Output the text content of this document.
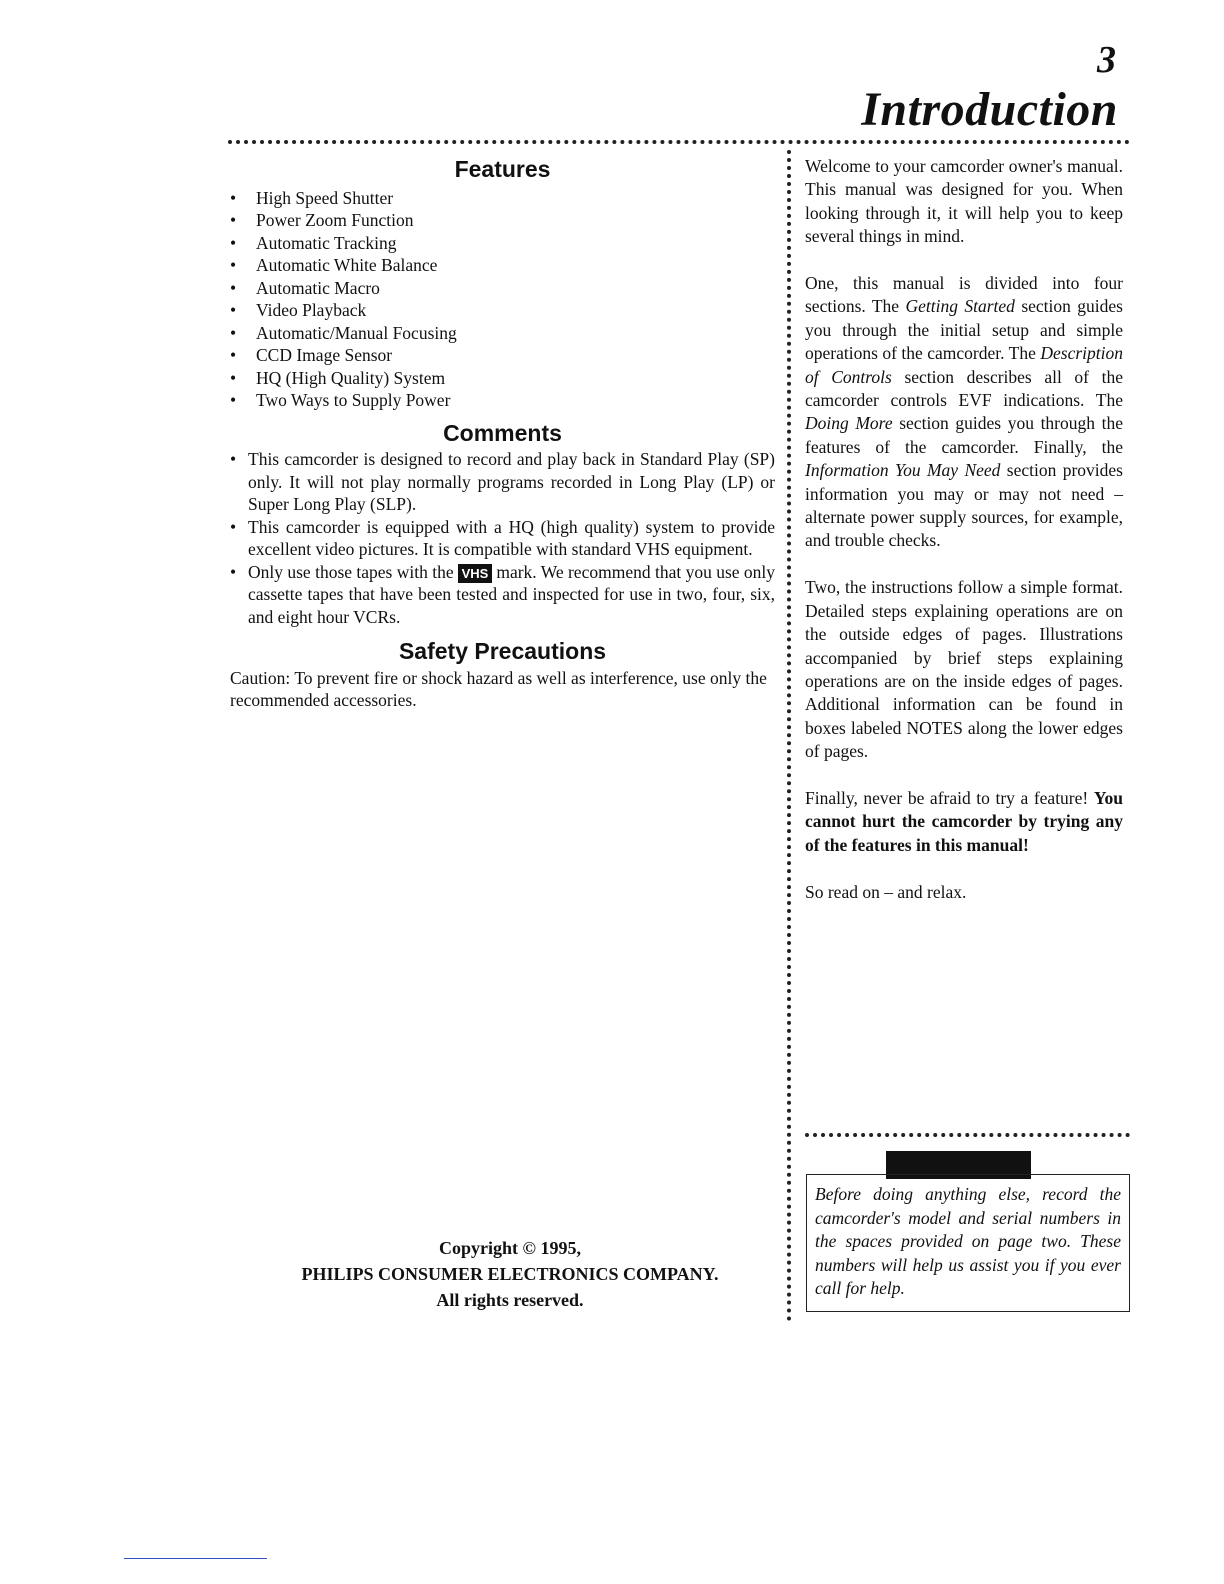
3
Introduction
Features
• High Speed Shutter
• Power Zoom Function
• Automatic Tracking
• Automatic White Balance
• Automatic Macro
• Video Playback
• Automatic/Manual Focusing
• CCD Image Sensor
• HQ (High Quality) System
• Two Ways to Supply Power
Comments
• This camcorder is designed to record and play back in Standard Play (SP) only. It will not play normally programs recorded in Long Play (LP) or Super Long Play (SLP).
• This camcorder is equipped with a HQ (high quality) system to provide excellent video pictures. It is compatible with standard VHS equipment.
• Only use those tapes with the VHS mark. We recommend that you use only cassette tapes that have been tested and inspected for use in two, four, six, and eight hour VCRs.
Safety Precautions

Caution: To prevent fire or shock hazard as well as interference, use only the recommended accessories.

Copyright © 1995,
PHILIPS CONSUMER ELECTRONICS COMPANY.
All rights reserved.

Welcome to your camcorder owner's manual. This manual was designed for you. When looking through it, it will help you to keep several things in mind.

One, this manual is divided into four sections. The Getting Started section guides you through the initial setup and simple operations of the camcorder. The Description of Controls section describes all of the camcorder controls EVF indications. The Doing More section guides you through the features of the camcorder. Finally, the Information You May Need section provides information you may or may not need – alternate power supply sources, for example, and trouble checks.

Two, the instructions follow a simple format. Detailed steps explaining operations are on the outside edges of pages. Illustrations accompanied by brief steps explaining operations are on the inside edges of pages. Additional information can be found in boxes labeled NOTES along the lower edges of pages.

Finally, never be afraid to try a feature! You cannot hurt the camcorder by trying any of the features in this manual!

So read on – and relax.

Before doing anything else, record the camcorder's model and serial numbers in the spaces provided on page two. These numbers will help us assist you if you ever call for help.
